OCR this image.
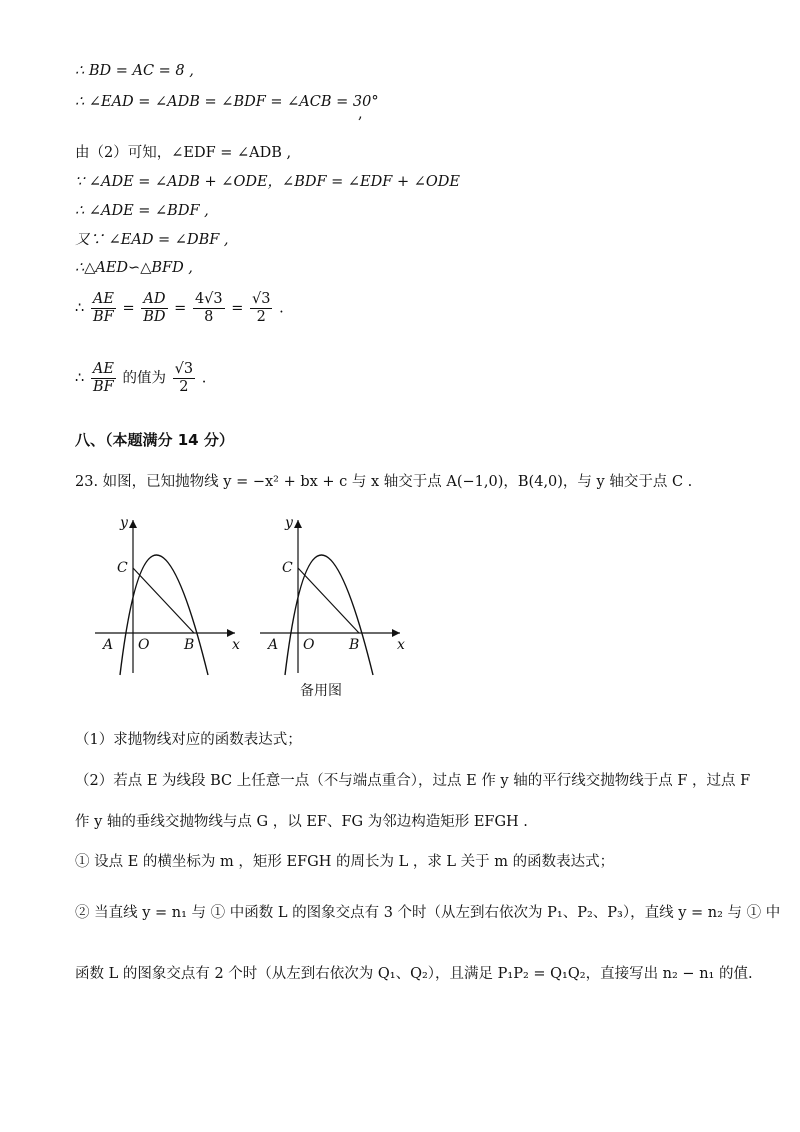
∴ BD = AC = 8 ,
∴ ∠EAD = ∠ADB = ∠BDF = ∠ACB = 30°
,
由（2）可知，∠EDF = ∠ADB ,
∵ ∠ADE = ∠ADB + ∠ODE，∠BDF = ∠EDF + ∠ODE
∴ ∠ADE = ∠BDF ,
又∵ ∠EAD = ∠DBF ,
∴△AED∽△BFD ,
∴ $\frac{AE}{BF} = \frac{AD}{BD} = \frac{4√3}{8} = \frac{√3}{2}$ .
∴ $\frac{AE}{BF}$ 的值为 $\frac{√3}{2}$ .
八、（本题满分 14 分）
23. 如图，已知抛物线 y = −x² + bx + c 与 x 轴交于点 A(−1,0)，B(4,0)，与 y 轴交于点 C .
y
x
C
A O B
y
x
C
A O B
备用图
（1）求抛物线对应的函数表达式；
（2）若点 E 为线段 BC 上任意一点（不与端点重合），过点 E 作 y 轴的平行线交抛物线于点 F ，过点 F
作 y 轴的垂线交抛物线与点 G ，以 EF、FG 为邻边构造矩形 EFGH .
① 设点 E 的横坐标为 m ，矩形 EFGH 的周长为 L ，求 L 关于 m 的函数表达式；
② 当直线 y = n₁ 与 ① 中函数 L 的图象交点有 3 个时（从左到右依次为 P₁、P₂、P₃），直线 y = n₂ 与 ① 中
函数 L 的图象交点有 2 个时（从左到右依次为 Q₁、Q₂），且满足 P₁P₂ = Q₁Q₂，直接写出 n₂ − n₁ 的值.
